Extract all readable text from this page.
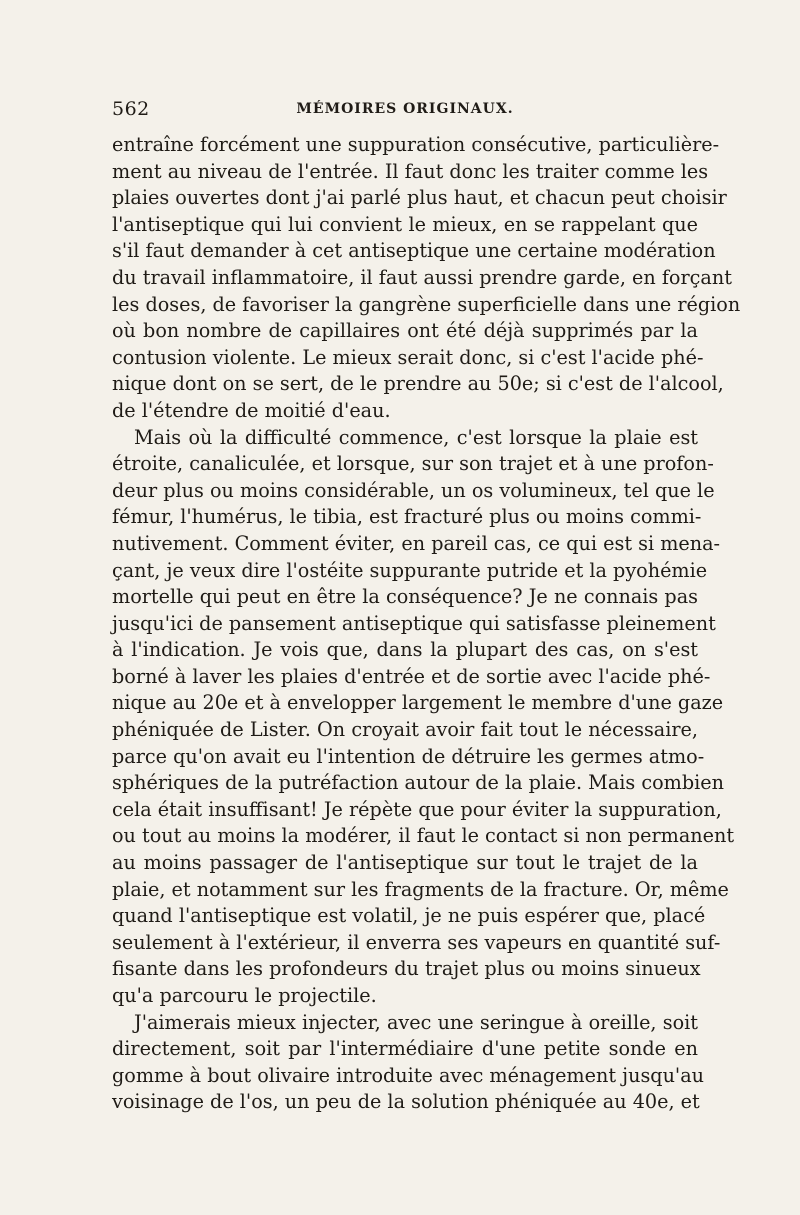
562	MÉMOIRES ORIGINAUX.
entraîne forcément une suppuration consécutive, particulière-
ment au niveau de l'entrée. Il faut donc les traiter comme les
plaies ouvertes dont j'ai parlé plus haut, et chacun peut choisir
l'antiseptique qui lui convient le mieux, en se rappelant que
s'il faut demander à cet antiseptique une certaine modération
du travail inflammatoire, il faut aussi prendre garde, en forçant
les doses, de favoriser la gangrène superficielle dans une région
où bon nombre de capillaires ont été déjà supprimés par la
contusion violente. Le mieux serait donc, si c'est l'acide phé-
nique dont on se sert, de le prendre au 50e; si c'est de l'alcool,
de l'étendre de moitié d'eau.
Mais où la difficulté commence, c'est lorsque la plaie est
étroite, canaliculée, et lorsque, sur son trajet et à une profon-
deur plus ou moins considérable, un os volumineux, tel que le
fémur, l'humérus, le tibia, est fracturé plus ou moins commi-
nutivement. Comment éviter, en pareil cas, ce qui est si mena-
çant, je veux dire l'ostéite suppurante putride et la pyohémie
mortelle qui peut en être la conséquence? Je ne connais pas
jusqu'ici de pansement antiseptique qui satisfasse pleinement
à l'indication. Je vois que, dans la plupart des cas, on s'est
borné à laver les plaies d'entrée et de sortie avec l'acide phé-
nique au 20e et à envelopper largement le membre d'une gaze
phéniquée de Lister. On croyait avoir fait tout le nécessaire,
parce qu'on avait eu l'intention de détruire les germes atmo-
sphériques de la putréfaction autour de la plaie. Mais combien
cela était insuffisant! Je répète que pour éviter la suppuration,
ou tout au moins la modérer, il faut le contact si non permanent
au moins passager de l'antiseptique sur tout le trajet de la
plaie, et notamment sur les fragments de la fracture. Or, même
quand l'antiseptique est volatil, je ne puis espérer que, placé
seulement à l'extérieur, il enverra ses vapeurs en quantité suf-
fisante dans les profondeurs du trajet plus ou moins sinueux
qu'a parcouru le projectile.
J'aimerais mieux injecter, avec une seringue à oreille, soit
directement, soit par l'intermédiaire d'une petite sonde en
gomme à bout olivaire introduite avec ménagement jusqu'au
voisinage de l'os, un peu de la solution phéniquée au 40e, et
